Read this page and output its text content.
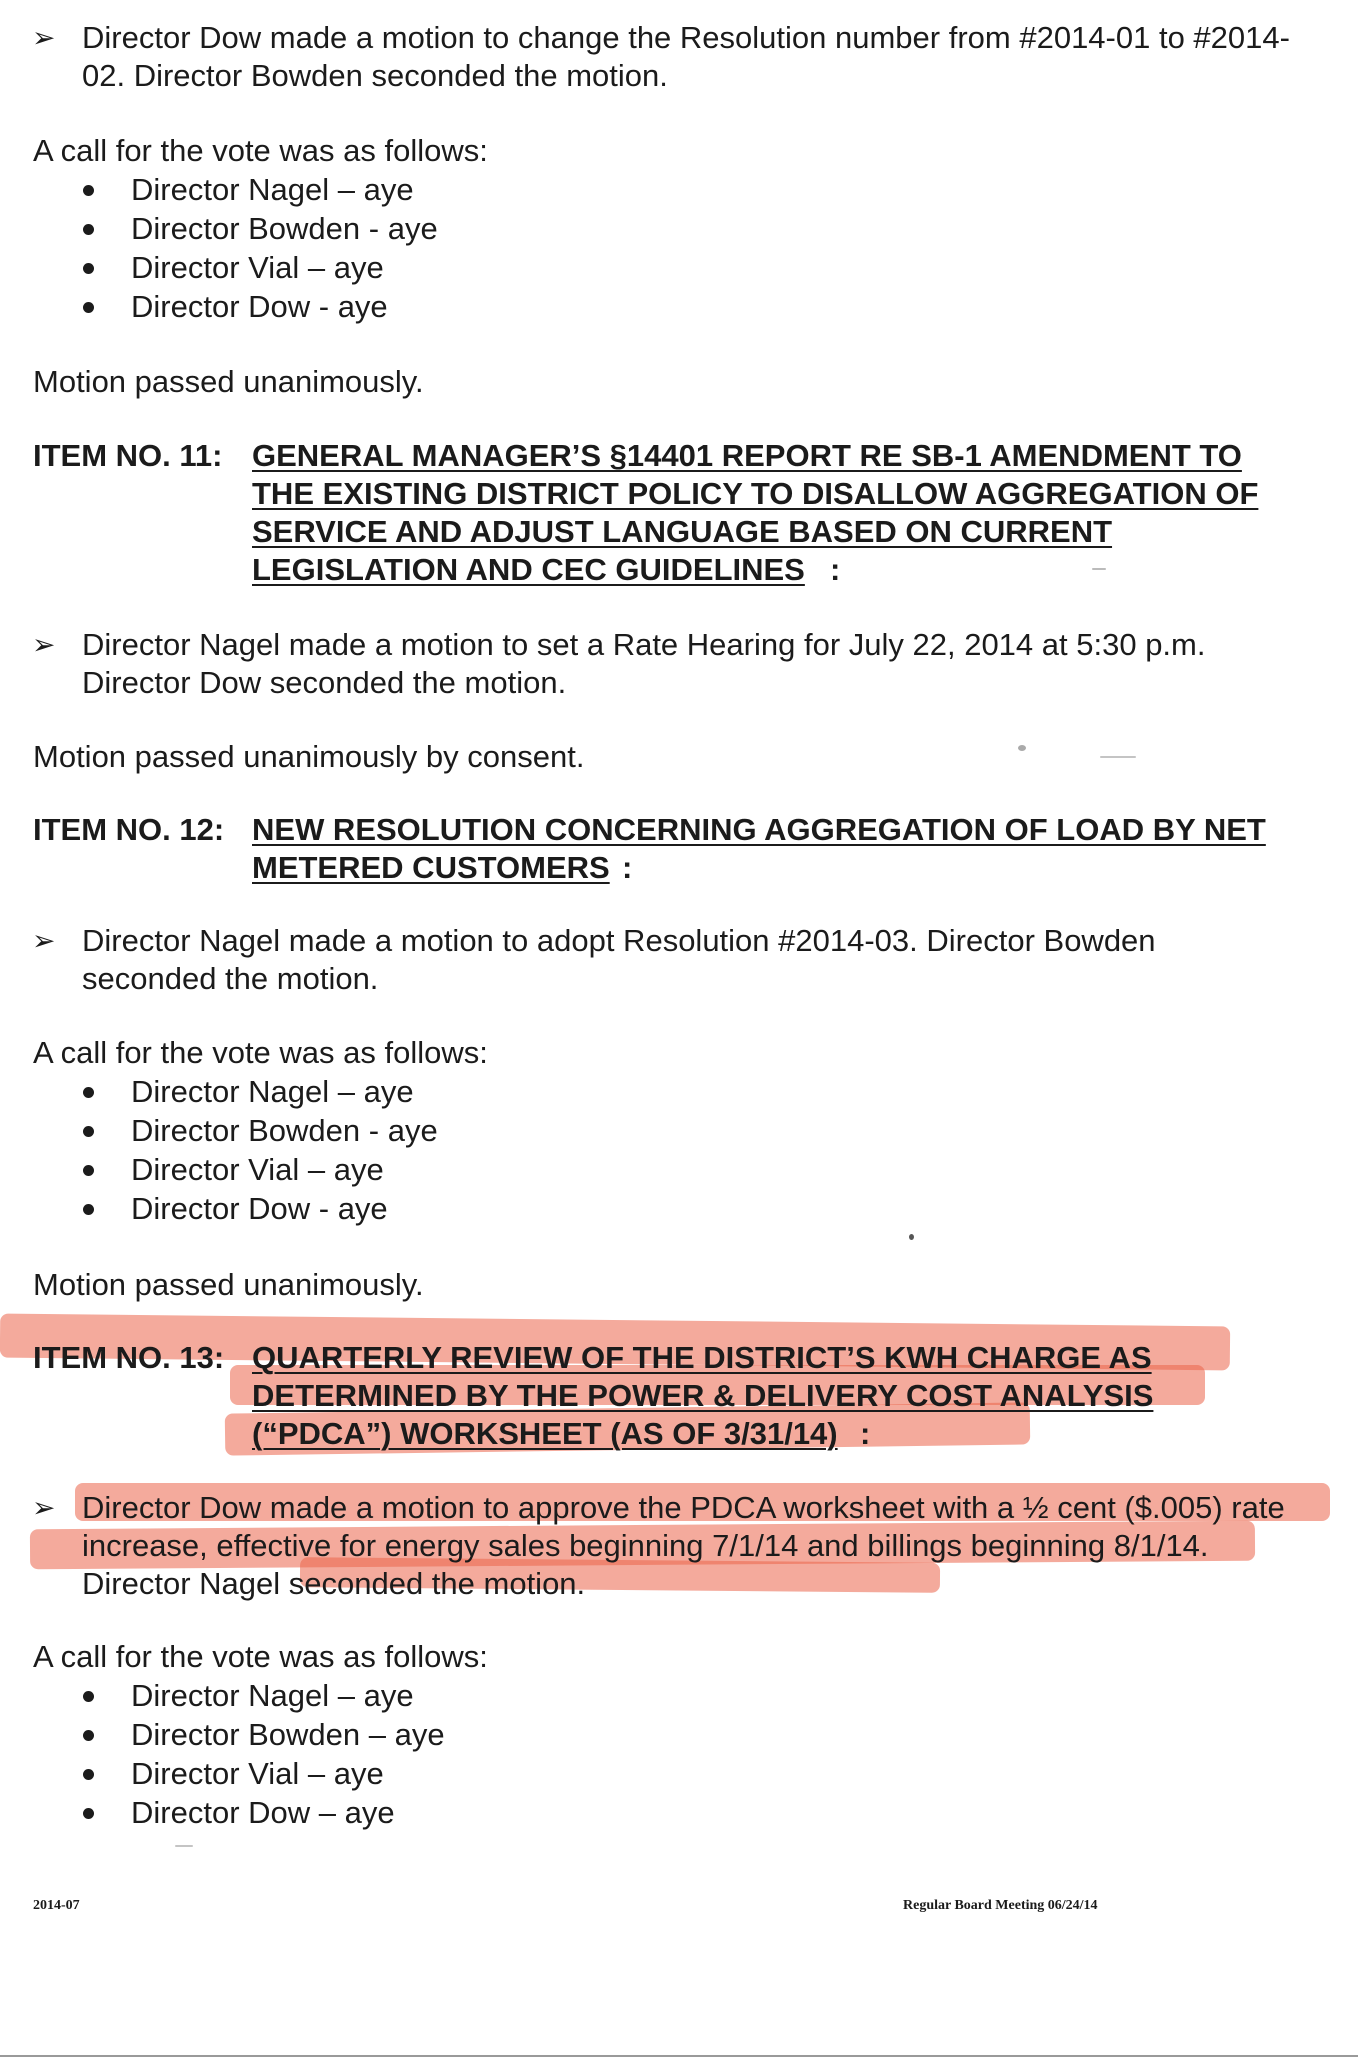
➢ Director Dow made a motion to change the Resolution number from #2014-01 to #2014-
02. Director Bowden seconded the motion.
A call for the vote was as follows:
Director Nagel – aye
Director Bowden - aye
Director Vial – aye
Director Dow - aye
Motion passed unanimously.
ITEM NO. 11: GENERAL MANAGER’S §14401 REPORT RE SB-1 AMENDMENT TO
THE EXISTING DISTRICT POLICY TO DISALLOW AGGREGATION OF
SERVICE AND ADJUST LANGUAGE BASED ON CURRENT
LEGISLATION AND CEC GUIDELINES :
➢ Director Nagel made a motion to set a Rate Hearing for July 22, 2014 at 5:30 p.m.
Director Dow seconded the motion.
Motion passed unanimously by consent.
ITEM NO. 12: NEW RESOLUTION CONCERNING AGGREGATION OF LOAD BY NET
METERED CUSTOMERS :
➢ Director Nagel made a motion to adopt Resolution #2014-03. Director Bowden
seconded the motion.
A call for the vote was as follows:
Director Nagel – aye
Director Bowden - aye
Director Vial – aye
Director Dow - aye
Motion passed unanimously.
ITEM NO. 13: QUARTERLY REVIEW OF THE DISTRICT’S KWH CHARGE AS
DETERMINED BY THE POWER & DELIVERY COST ANALYSIS
(“PDCA”) WORKSHEET (AS OF 3/31/14) :
➢ Director Dow made a motion to approve the PDCA worksheet with a ½ cent ($.005) rate
increase, effective for energy sales beginning 7/1/14 and billings beginning 8/1/14.
Director Nagel seconded the motion.
A call for the vote was as follows:
Director Nagel – aye
Director Bowden – aye
Director Vial – aye
Director Dow – aye
2014-07	Regular Board Meeting 06/24/14
